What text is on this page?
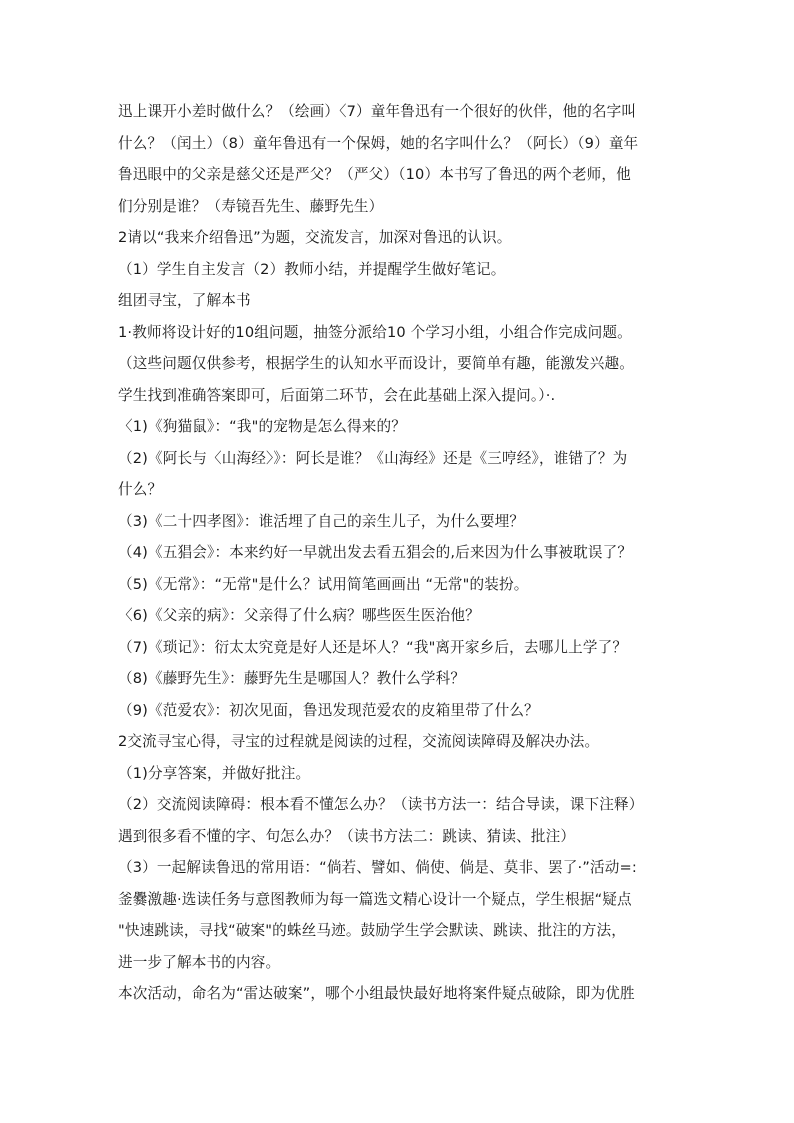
迅上课开小差时做什么？（绘画）〈7）童年鲁迅有一个很好的伙伴，他的名字叫
什么？（闰土）（8）童年鲁迅有一个保姆，她的名字叫什么？（阿长）（9）童年
鲁迅眼中的父亲是慈父还是严父？（严父）（10）本书写了鲁迅的两个老师，他
们分别是谁？（寿镜吾先生、藤野先生）
2请以“我来介绍鲁迅”为题，交流发言，加深对鲁迅的认识。
（1）学生自主发言（2）教师小结，并提醒学生做好笔记。
组团寻宝，了解本书
1·教师将设计好的10组问题，抽签分派给10 个学习小组，小组合作完成问题。
（这些问题仅供参考，根据学生的认知水平而设计，要简单有趣，能激发兴趣。
学生找到准确答案即可，后面第二环节，会在此基础上深入提问。）·.
〈1)《狗猫鼠》：“我"的宠物是怎么得来的？
（2)《阿长与〈山海经〉》：阿长是谁？《山海经》还是《三哼经》，谁错了？为
什么？
（3)《二十四孝图》：谁活埋了自己的亲生儿子，为什么要埋？
（4)《五猖会》：本来约好一早就出发去看五猖会的,后来因为什么事被耽误了？
（5)《无常》：“无常"是什么？试用简笔画画出 “无常"的装扮。
〈6)《父亲的病》：父亲得了什么病？哪些医生医治他？
（7)《琐记》：衍太太究竟是好人还是坏人？“我"离开家乡后，去哪儿上学了？
（8)《藤野先生》：藤野先生是哪国人？教什么学科？
（9)《范爱农》：初次见面，鲁迅发现范爱农的皮箱里带了什么？
2交流寻宝心得，寻宝的过程就是阅读的过程，交流阅读障碍及解决办法。
（1)分享答案，并做好批注。
（2）交流阅读障碍：根本看不懂怎么办？（读书方法一：结合导读，课下注释）
遇到很多看不懂的字、句怎么办？（读书方法二：跳读、猜读、批注）
（3）一起解读鲁迅的常用语：“倘若、譬如、倘使、倘是、莫非、罢了·”活动=:
釜爨激趣·选读任务与意图教师为每一篇选文精心设计一个疑点，学生根据“疑点
"快速跳读，寻找“破案"的蛛丝马迹。鼓励学生学会默读、跳读、批注的方法，
进一步了解本书的内容。
本次活动，命名为“雷达破案”，哪个小组最快最好地将案件疑点破除，即为优胜
